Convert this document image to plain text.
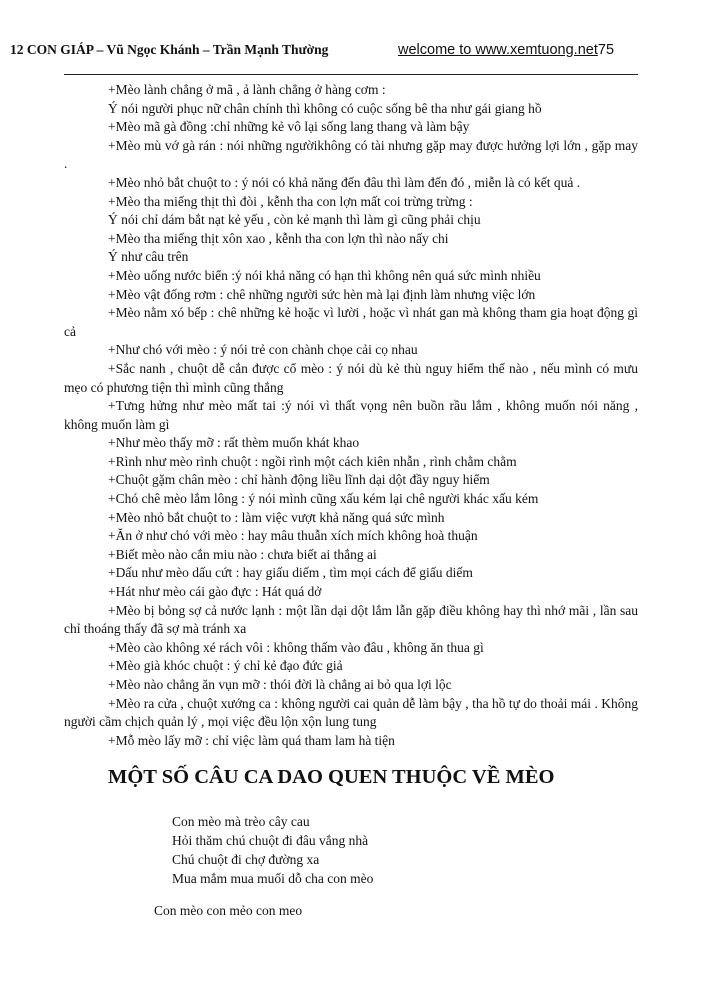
12 CON GIÁP – Vũ Ngọc Khánh – Trần Mạnh Thường	welcome to www.xemtuong.net75

+Mèo lành chẳng ở mã , ả lành chẳng ở hàng cơm :

Ý nói người phục nữ chân chính thì không có cuộc sống bê tha như gái giang hồ

+Mèo mã gà đồng :chỉ những kẻ vô lại sống lang thang và làm bậy

+Mèo mù vớ gà rán : nói những ngườikhông có tài nhưng gặp may được hưởng lợi lớn , gặp may .

+Mèo nhỏ bắt chuột to : ý nói có khả năng đến đâu thì làm đến đó , miễn là có kết quả .

+Mèo tha miếng thịt thì đòi , kễnh tha con lợn mất coi trừng trừng :

Ý nói chỉ dám bắt nạt kẻ yếu , còn kẻ mạnh thì làm gì cũng phải chịu

+Mèo tha miếng thịt xôn xao , kễnh tha con lợn thì nào nấy chi

Ý như câu trên

+Mèo uống nước biển :ý nói khả năng có hạn thì không nên quá sức mình nhiều

+Mèo vật đống rơm : chê những người sức hèn mà lại định làm nhưng việc lớn

+Mèo nằm xó bếp : chê những kẻ hoặc vì lười , hoặc vì nhát gan mà không tham gia hoạt động gì cả

+Như chó với mèo : ý nói trẻ con chành chọe cải cọ nhau

+Sắc nanh , chuột dễ cắn được cổ mèo : ý nói dù kẻ thù nguy hiểm thế nào , nếu mình có mưu mẹo có phương tiện thì mình cũng thắng

+Tưng hửng như mèo mất tai :ý nói vì thất vọng nên buồn rầu lắm , không muốn nói năng , không muốn làm gì

+Như mèo thấy mỡ : rất thèm muốn khát khao

+Rình như mèo rình chuột : ngồi rình một cách kiên nhẫn , rình chằm chằm

+Chuột gặm chân mèo : chỉ hành động liều lĩnh dại dột đầy nguy hiểm

+Chó chê mèo lắm lông : ý nói mình cũng xấu kém lại chê người khác xấu kém

+Mèo nhỏ bắt chuột to : làm việc vượt khả năng quá sức mình

+Ăn ở như chó với mèo : hay mâu thuẫn xích mích không hoà thuận

+Biết mèo nào cắn miu nào : chưa biết ai thắng ai

+Dấu như mèo dấu cứt : hay giấu diếm , tìm mọi cách để giấu diếm

+Hát như mèo cái gào đực : Hát quá dở

+Mèo bị bỏng sợ cả nước lạnh : một lần dại dột lắm lẫn gặp điều không hay thì nhớ mãi , lần sau chỉ thoáng thấy đã sợ mà tránh xa

+Mèo cào không xé rách vôi : không thấm vào đâu , không ăn thua gì

+Mèo già khóc chuột : ý chỉ kẻ đạo đức giả

+Mèo nào chẳng ăn vụn mỡ : thói đời là chẳng ai bỏ qua lợi lộc

+Mèo ra cửa , chuột xướng ca : không người cai quản dễ làm bậy , tha hồ tự do thoải mái . Không người cầm chịch quản lý , mọi việc đều lộn xộn lung tung

+Mỗ mèo lấy mỡ : chỉ việc làm quá tham lam hà tiện

MỘT SỐ CÂU CA DAO QUEN THUỘC VỀ MÈO
Con mèo mà trèo cây cau
Hỏi thăm chú chuột đi đâu vắng nhà
Chú chuột đi chợ đường xa
Mua mắm mua muối dỗ cha con mèo
Con mèo con mẻo con meo
